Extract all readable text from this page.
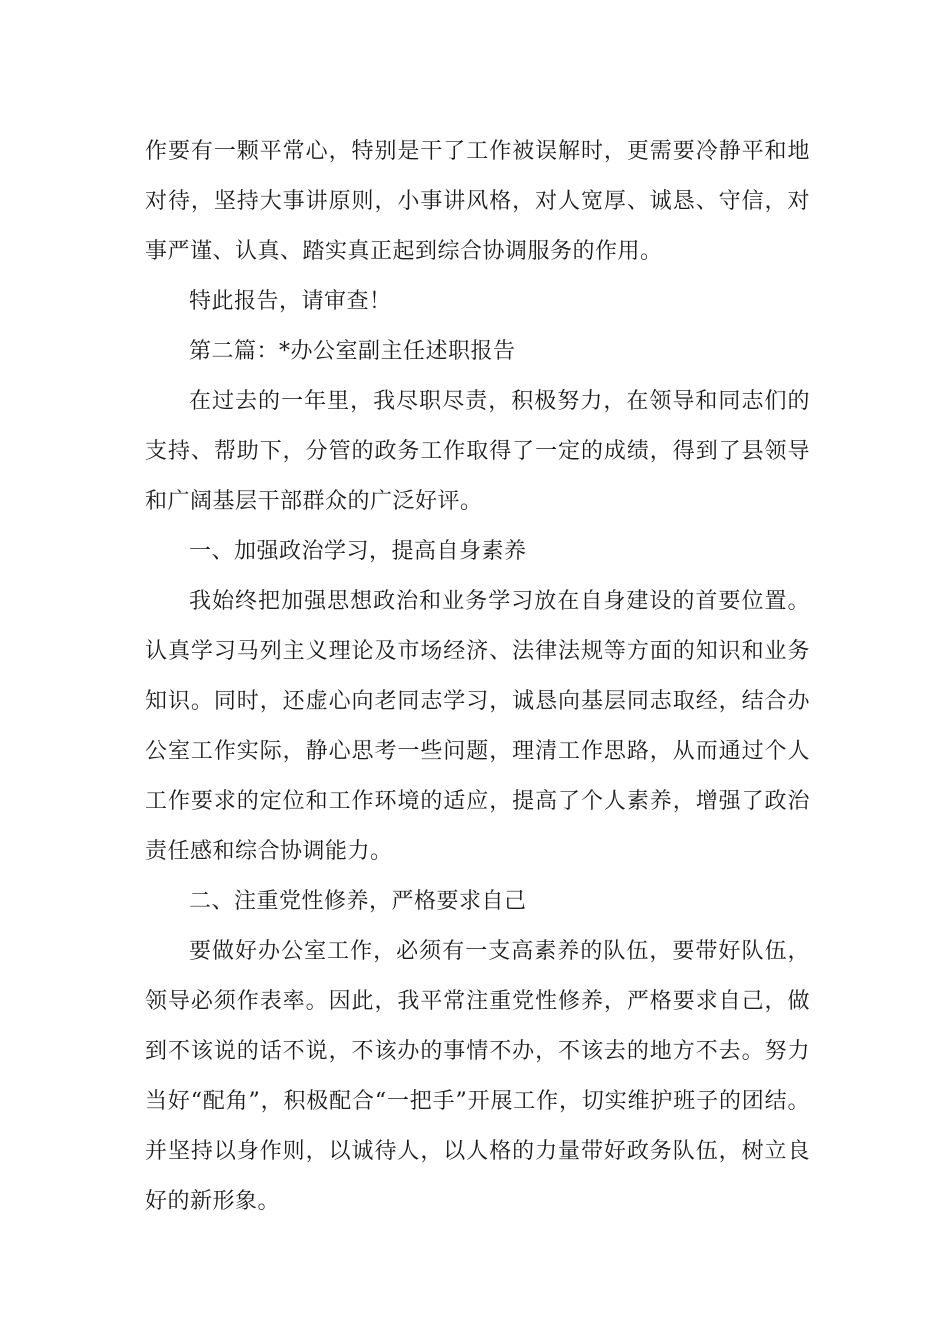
作要有一颗平常心，特别是干了工作被误解时，更需要冷静平和地对待，坚持大事讲原则，小事讲风格，对人宽厚、诚恳、守信，对事严谨、认真、踏实真正起到综合协调服务的作用。

特此报告，请审查！

第二篇：*办公室副主任述职报告

在过去的一年里，我尽职尽责，积极努力，在领导和同志们的支持、帮助下，分管的政务工作取得了一定的成绩，得到了县领导和广阔基层干部群众的广泛好评。

一、加强政治学习，提高自身素养

我始终把加强思想政治和业务学习放在自身建设的首要位置。认真学习马列主义理论及市场经济、法律法规等方面的知识和业务知识。同时，还虚心向老同志学习，诚恳向基层同志取经，结合办公室工作实际，静心思考一些问题，理清工作思路，从而通过个人工作要求的定位和工作环境的适应，提高了个人素养，增强了政治责任感和综合协调能力。

二、注重党性修养，严格要求自己

要做好办公室工作，必须有一支高素养的队伍，要带好队伍，领导必须作表率。因此，我平常注重党性修养，严格要求自己，做到不该说的话不说，不该办的事情不办，不该去的地方不去。努力当好“配角”，积极配合“一把手”开展工作，切实维护班子的团结。并坚持以身作则，以诚待人，以人格的力量带好政务队伍，树立良好的新形象。
